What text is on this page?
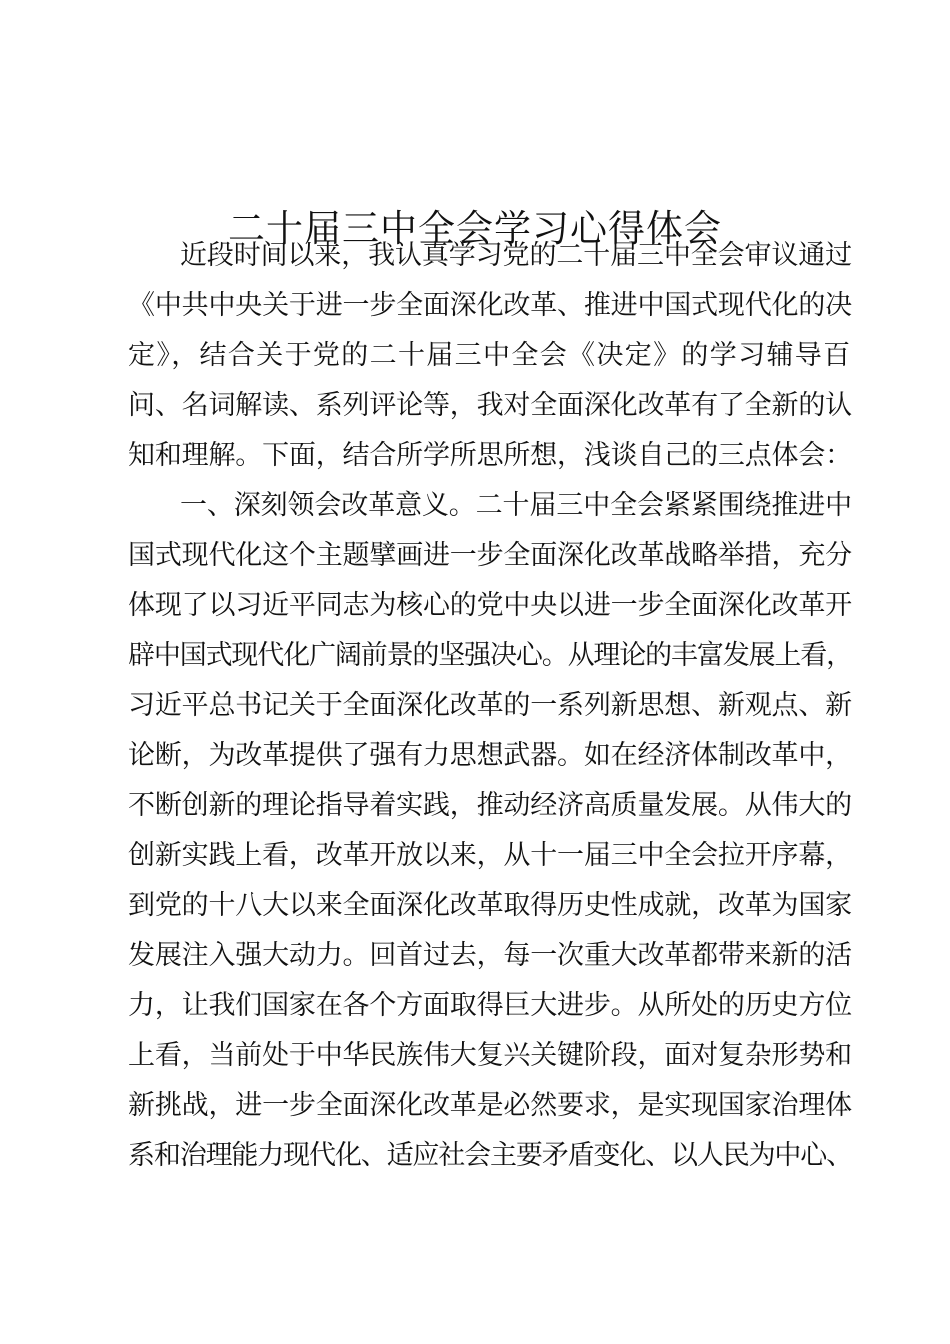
二十届三中全会学习心得体会
近段时间以来，我认真学习党的二十届三中全会审议通过
《中共中央关于进一步全面深化改革、推进中国式现代化的决
定》，结合关于党的二十届三中全会《决定》的学习辅导百
问、名词解读、系列评论等，我对全面深化改革有了全新的认
知和理解。下面，结合所学所思所想，浅谈自己的三点体会：
一、深刻领会改革意义。二十届三中全会紧紧围绕推进中
国式现代化这个主题擘画进一步全面深化改革战略举措，充分
体现了以习近平同志为核心的党中央以进一步全面深化改革开
辟中国式现代化广阔前景的坚强决心。从理论的丰富发展上看，
习近平总书记关于全面深化改革的一系列新思想、新观点、新
论断，为改革提供了强有力思想武器。如在经济体制改革中，
不断创新的理论指导着实践，推动经济高质量发展。从伟大的
创新实践上看，改革开放以来，从十一届三中全会拉开序幕，
到党的十八大以来全面深化改革取得历史性成就，改革为国家
发展注入强大动力。回首过去，每一次重大改革都带来新的活
力，让我们国家在各个方面取得巨大进步。从所处的历史方位
上看，当前处于中华民族伟大复兴关键阶段，面对复杂形势和
新挑战，进一步全面深化改革是必然要求，是实现国家治理体
系和治理能力现代化、适应社会主要矛盾变化、以人民为中心、
